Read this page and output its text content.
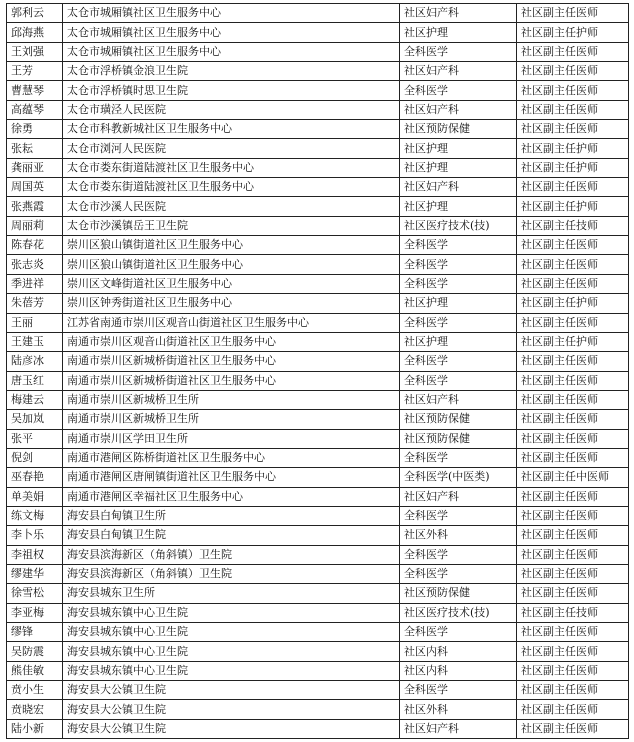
郭利云	太仓市城厢镇社区卫生服务中心	社区妇产科	社区副主任医师
邱海燕	太仓市城厢镇社区卫生服务中心	社区护理	社区副主任护师
王刘强	太仓市城厢镇社区卫生服务中心	全科医学	社区副主任医师
王芳	太仓市浮桥镇金浪卫生院	社区妇产科	社区副主任医师
曹慧琴	太仓市浮桥镇时思卫生院	全科医学	社区副主任医师
高蕴琴	太仓市璜泾人民医院	社区妇产科	社区副主任医师
徐勇	太仓市科教新城社区卫生服务中心	社区预防保健	社区副主任医师
张耘	太仓市浏河人民医院	社区护理	社区副主任护师
龚丽亚	太仓市娄东街道陆渡社区卫生服务中心	社区护理	社区副主任护师
周国英	太仓市娄东街道陆渡社区卫生服务中心	社区妇产科	社区副主任医师
张燕霞	太仓市沙溪人民医院	社区护理	社区副主任护师
周丽莉	太仓市沙溪镇岳王卫生院	社区医疗技术(技)	社区副主任技师
陈春花	崇川区狼山镇街道社区卫生服务中心	全科医学	社区副主任医师
张志炎	崇川区狼山镇街道社区卫生服务中心	全科医学	社区副主任医师
季进祥	崇川区文峰街道社区卫生服务中心	全科医学	社区副主任医师
朱蓓芳	崇川区钟秀街道社区卫生服务中心	社区护理	社区副主任护师
王丽	江苏省南通市崇川区观音山街道社区卫生服务中心	全科医学	社区副主任医师
王建玉	南通市崇川区观音山街道社区卫生服务中心	社区护理	社区副主任护师
陆彦冰	南通市崇川区新城桥街道社区卫生服务中心	全科医学	社区副主任医师
唐玉红	南通市崇川区新城桥街道社区卫生服务中心	全科医学	社区副主任医师
梅建云	南通市崇川区新城桥卫生所	社区妇产科	社区副主任医师
吴加岚	南通市崇川区新城桥卫生所	社区预防保健	社区副主任医师
张平	南通市崇川区学田卫生所	社区预防保健	社区副主任医师
倪剑	南通市港闸区陈桥街道社区卫生服务中心	全科医学	社区副主任医师
巫春艳	南通市港闸区唐闸镇街道社区卫生服务中心	全科医学(中医类)	社区副主任中医师
单美娟	南通市港闸区幸福社区卫生服务中心	社区妇产科	社区副主任医师
练文梅	海安县白甸镇卫生所	全科医学	社区副主任医师
李卜乐	海安县白甸镇卫生院	社区外科	社区副主任医师
李祖权	海安县滨海新区（角斜镇）卫生院	全科医学	社区副主任医师
缪建华	海安县滨海新区（角斜镇）卫生院	全科医学	社区副主任医师
徐雪松	海安县城东卫生所	社区预防保健	社区副主任医师
李亚梅	海安县城东镇中心卫生院	社区医疗技术(技)	社区副主任技师
缪锋	海安县城东镇中心卫生院	全科医学	社区副主任医师
吴防震	海安县城东镇中心卫生院	社区内科	社区副主任医师
熊佳敏	海安县城东镇中心卫生院	社区内科	社区副主任医师
贲小生	海安县大公镇卫生院	全科医学	社区副主任医师
贲晓宏	海安县大公镇卫生院	社区外科	社区副主任医师
陆小新	海安县大公镇卫生院	社区妇产科	社区副主任医师
